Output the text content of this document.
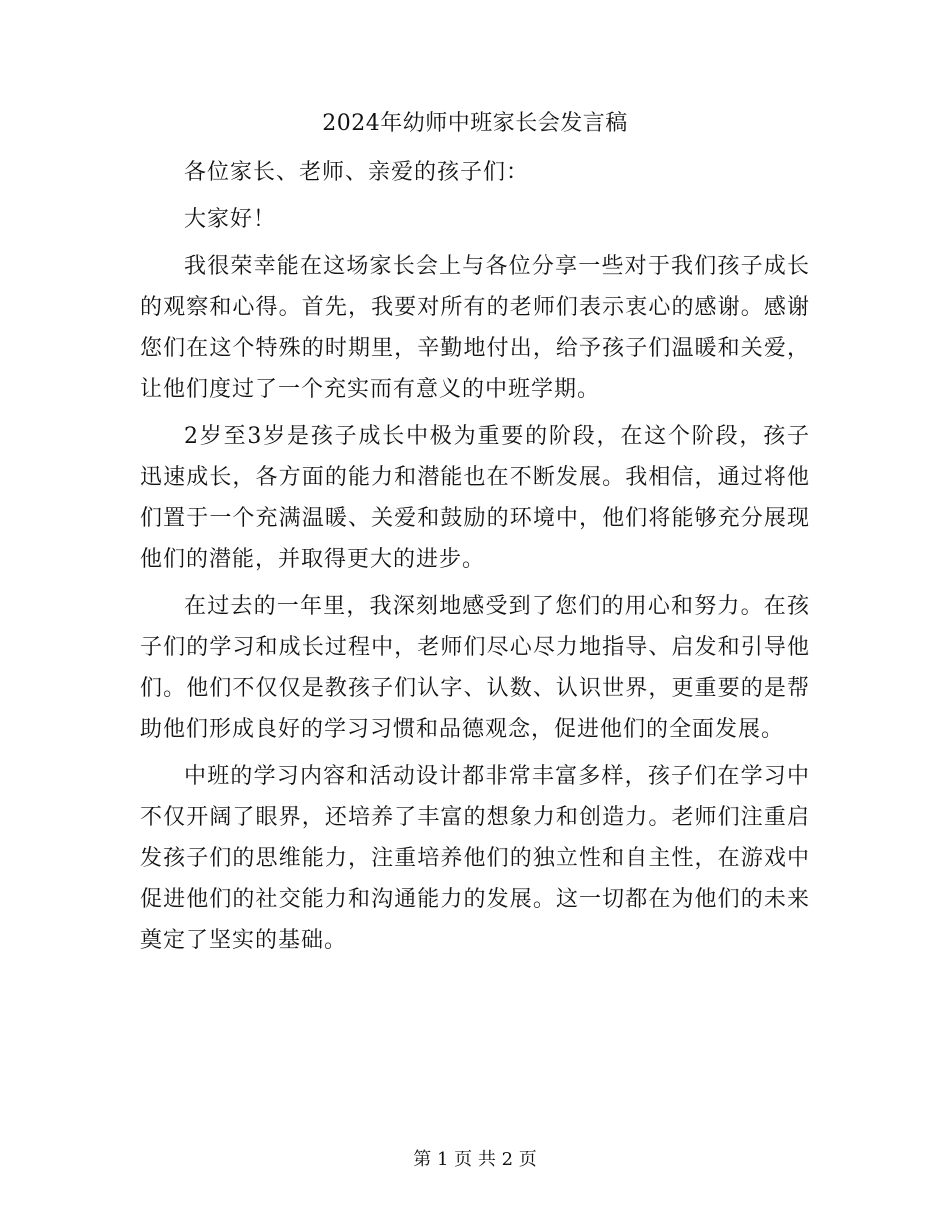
2024年幼师中班家长会发言稿

各位家长、老师、亲爱的孩子们：

大家好！

我很荣幸能在这场家长会上与各位分享一些对于我们孩子成长的观察和心得。首先，我要对所有的老师们表示衷心的感谢。感谢您们在这个特殊的时期里，辛勤地付出，给予孩子们温暖和关爱，让他们度过了一个充实而有意义的中班学期。

2岁至3岁是孩子成长中极为重要的阶段，在这个阶段，孩子迅速成长，各方面的能力和潜能也在不断发展。我相信，通过将他们置于一个充满温暖、关爱和鼓励的环境中，他们将能够充分展现他们的潜能，并取得更大的进步。

在过去的一年里，我深刻地感受到了您们的用心和努力。在孩子们的学习和成长过程中，老师们尽心尽力地指导、启发和引导他们。他们不仅仅是教孩子们认字、认数、认识世界，更重要的是帮助他们形成良好的学习习惯和品德观念，促进他们的全面发展。

中班的学习内容和活动设计都非常丰富多样，孩子们在学习中不仅开阔了眼界，还培养了丰富的想象力和创造力。老师们注重启发孩子们的思维能力，注重培养他们的独立性和自主性，在游戏中促进他们的社交能力和沟通能力的发展。这一切都在为他们的未来奠定了坚实的基础。

第 1 页 共 2 页
